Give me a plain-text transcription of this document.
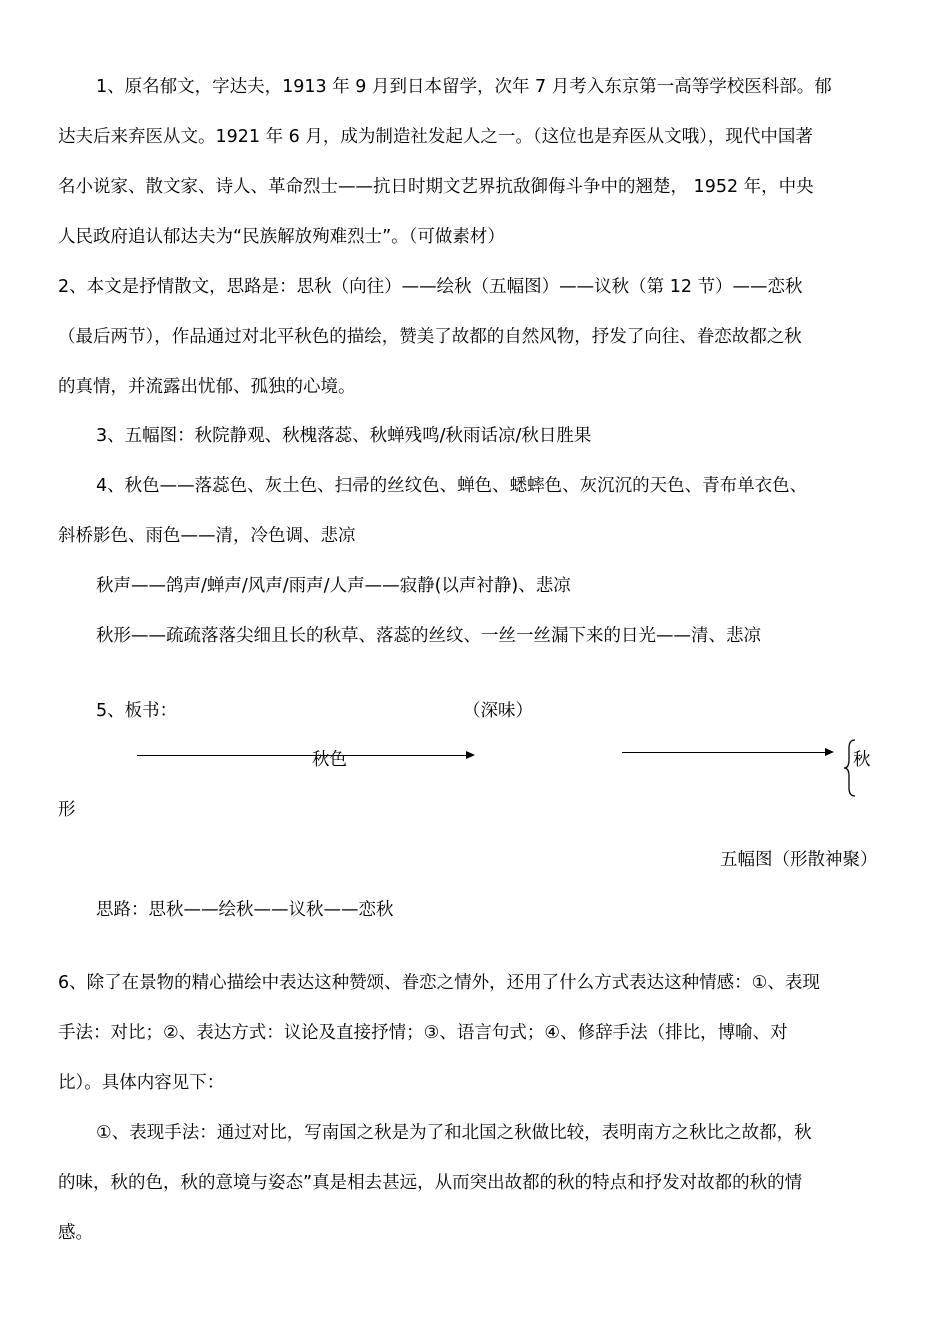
1、原名郁文，字达夫，1913 年 9 月到日本留学，次年 7 月考入东京第一高等学校医科部。郁
达夫后来弃医从文。1921 年 6 月，成为制造社发起人之一。（这位也是弃医从文哦），现代中国著
名小说家、散文家、诗人、革命烈士——抗日时期文艺界抗敌御侮斗争中的翘楚， 1952 年，中央
人民政府追认郁达夫为“民族解放殉难烈士”。（可做素材）
2、本文是抒情散文，思路是：思秋（向往）——绘秋（五幅图）——议秋（第 12 节）——恋秋
（最后两节），作品通过对北平秋色的描绘，赞美了故都的自然风物，抒发了向往、眷恋故都之秋
的真情，并流露出忧郁、孤独的心境。
3、五幅图：秋院静观、秋槐落蕊、秋蝉残鸣/秋雨话凉/秋日胜果
4、秋色——落蕊色、灰土色、扫帚的丝纹色、蝉色、蟋蟀色、灰沉沉的天色、青布单衣色、
斜桥影色、雨色——清，冷色调、悲凉
秋声——鸽声/蝉声/风声/雨声/人声——寂静(以声衬静)、悲凉
秋形——疏疏落落尖细且长的秋草、落蕊的丝纹、一丝一丝漏下来的日光——清、悲凉
5、板书：	（深味）
秋色	秋
形
五幅图（形散神聚）
思路：思秋——绘秋——议秋——恋秋
6、除了在景物的精心描绘中表达这种赞颂、眷恋之情外，还用了什么方式表达这种情感：①、表现
手法：对比；②、表达方式：议论及直接抒情；③、语言句式；④、修辞手法（排比，博喻、对
比）。具体内容见下：
①、表现手法：通过对比，写南国之秋是为了和北国之秋做比较，表明南方之秋比之故都，秋
的味，秋的色，秋的意境与姿态”真是相去甚远，从而突出故都的秋的特点和抒发对故都的秋的情
感。
